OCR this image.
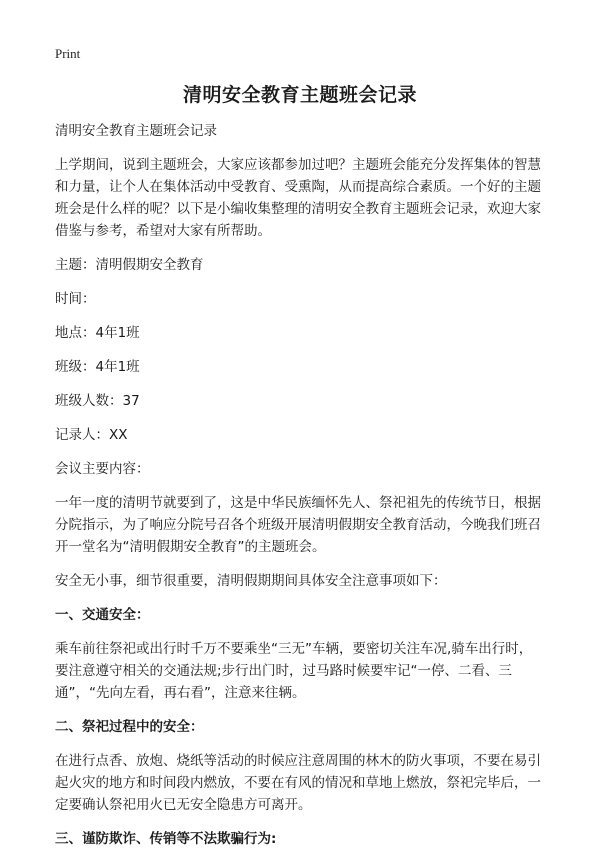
Print
清明安全教育主题班会记录

清明安全教育主题班会记录

上学期间，说到主题班会，大家应该都参加过吧？主题班会能充分发挥集体的智慧和力量，让个人在集体活动中受教育、受熏陶，从而提高综合素质。一个好的主题班会是什么样的呢？以下是小编收集整理的清明安全教育主题班会记录，欢迎大家借鉴与参考，希望对大家有所帮助。

主题：清明假期安全教育

时间：

地点：4年1班

班级：4年1班

班级人数：37

记录人：XX

会议主要内容：

一年一度的清明节就要到了，这是中华民族缅怀先人、祭祀祖先的传统节日，根据分院指示，为了响应分院号召各个班级开展清明假期安全教育活动，今晚我们班召开一堂名为“清明假期安全教育”的主题班会。

安全无小事，细节很重要，清明假期期间具体安全注意事项如下：

一、交通安全：

乘车前往祭祀或出行时千万不要乘坐“三无”车辆，要密切关注车况,骑车出行时，要注意遵守相关的交通法规;步行出门时，过马路时候要牢记“一停、二看、三通”，“先向左看，再右看”，注意来往辆。

二、祭祀过程中的安全：

在进行点香、放炮、烧纸等活动的时候应注意周围的林木的防火事项，不要在易引起火灾的地方和时间段内燃放，不要在有风的情况和草地上燃放，祭祀完毕后，一定要确认祭祀用火已无安全隐患方可离开。

三、谨防欺诈、传销等不法欺骗行为:
